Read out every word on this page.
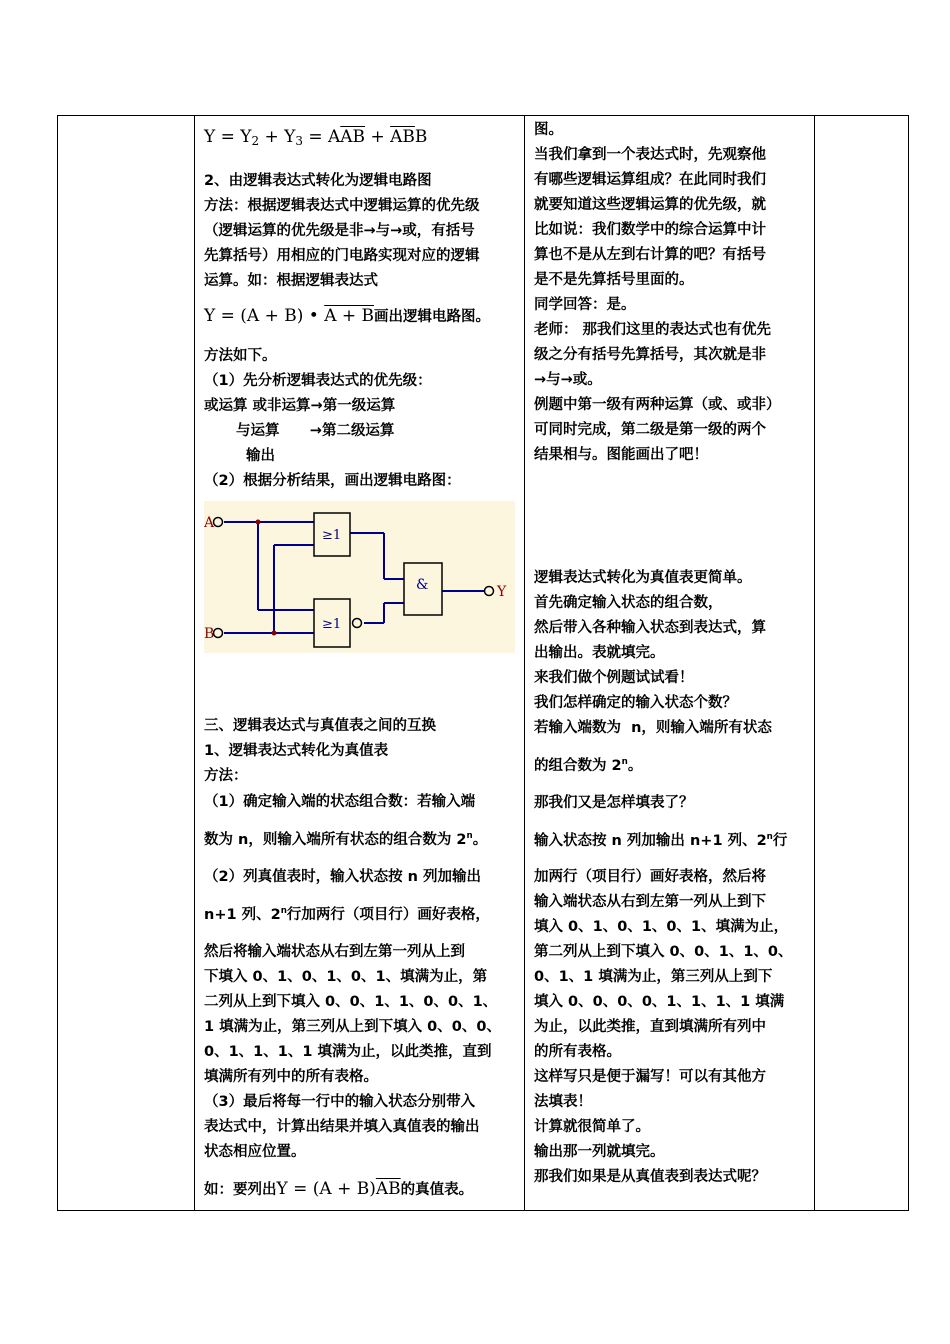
$Y = Y_2 + Y_3 = A\overline{AB} + \overline{AB}B$
2、由逻辑表达式转化为逻辑电路图
方法：根据逻辑表达式中逻辑运算的优先级
（逻辑运算的优先级是非→与→或，有括号
先算括号）用相应的门电路实现对应的逻辑
运算。如：根据逻辑表达式
Y = (A + B) • A + B画出逻辑电路图。
方法如下。
（1）先分析逻辑表达式的优先级：
或运算 或非运算→第一级运算
与运算      →第二级运算
输出
（2）根据分析结果，画出逻辑电路图：
A
B
Y
≥1
≥1
&
三、逻辑表达式与真值表之间的互换
1、逻辑表达式转化为真值表
方法：
（1）确定输入端的状态组合数：若输入端
数为 n，则输入端所有状态的组合数为 2$^n$。
（2）列真值表时，输入状态按 n 列加输出
n+1 列、2$^n$行加两行（项目行）画好表格，
然后将输入端状态从右到左第一列从上到
下填入 0、1、0、1、0、1、填满为止，第
二列从上到下填入 0、0、1、1、0、0、1、
1 填满为止，第三列从上到下填入 0、0、0、
0、1、1、1、1 填满为止，以此类推，直到
填满所有列中的所有表格。
（3）最后将每一行中的输入状态分别带入
表达式中，计算出结果并填入真值表的输出
状态相应位置。
如：要列出$Y = (A + B)\overline{AB}$的真值表。
图。
当我们拿到一个表达式时，先观察他
有哪些逻辑运算组成？在此同时我们
就要知道这些逻辑运算的优先级，就
比如说：我们数学中的综合运算中计
算也不是从左到右计算的吧？有括号
是不是先算括号里面的。
同学回答：是。
老师： 那我们这里的表达式也有优先
级之分有括号先算括号，其次就是非
→与→或。
例题中第一级有两种运算（或、或非）
可同时完成，第二级是第一级的两个
结果相与。图能画出了吧！
逻辑表达式转化为真值表更简单。
首先确定输入状态的组合数，
然后带入各种输入状态到表达式，算
出输出。表就填完。
来我们做个例题试试看！
我们怎样确定的输入状态个数？
若输入端数为  n，则输入端所有状态
的组合数为 2$^n$。
那我们又是怎样填表了？
输入状态按 n 列加输出 n+1 列、2$^n$行
加两行（项目行）画好表格，然后将
输入端状态从右到左第一列从上到下
填入 0、1、0、1、0、1、填满为止，
第二列从上到下填入 0、0、1、1、0、
0、1、1 填满为止，第三列从上到下
填入 0、0、0、0、1、1、1、1 填满
为止，以此类推，直到填满所有列中
的所有表格。
这样写只是便于漏写！可以有其他方
法填表！
计算就很简单了。
输出那一列就填完。
那我们如果是从真值表到表达式呢？
